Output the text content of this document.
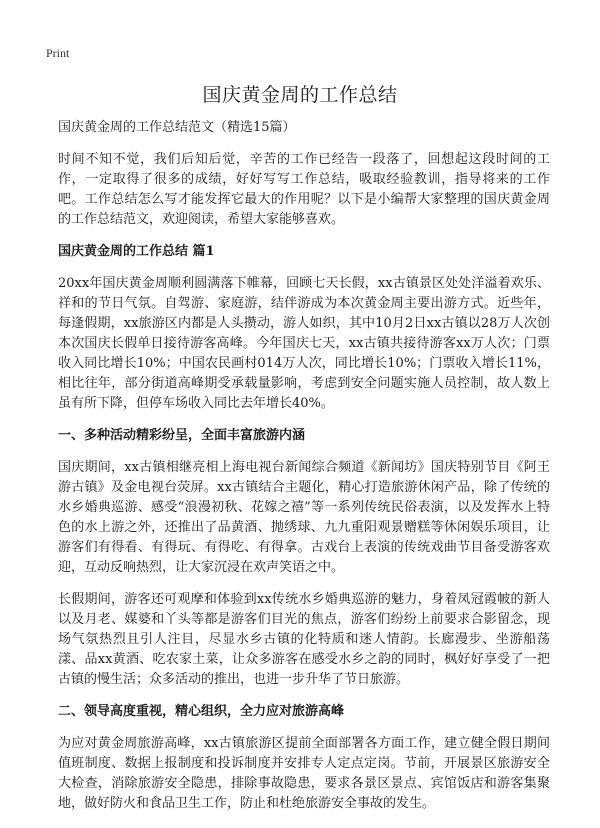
Print
国庆黄金周的工作总结
国庆黄金周的工作总结范文（精选15篇）

时间不知不觉，我们后知后觉，辛苦的工作已经告一段落了，回想起这段时间的工作，一定取得了很多的成绩，好好写写工作总结，吸取经验教训，指导将来的工作吧。工作总结怎么写才能发挥它最大的作用呢？以下是小编帮大家整理的国庆黄金周的工作总结范文，欢迎阅读，希望大家能够喜欢。

国庆黄金周的工作总结 篇1

20xx年国庆黄金周顺利圆满落下帷幕，回顾七天长假，xx古镇景区处处洋溢着欢乐、祥和的节日气氛。自驾游、家庭游，结伴游成为本次黄金周主要出游方式。近些年，每逢假期，xx旅游区内都是人头攒动，游人如织，其中10月2日xx古镇以28万人次创本次国庆长假单日接待游客高峰。今年国庆七天，xx古镇共接待游客xx万人次；门票收入同比增长10%；中国农民画村014万人次，同比增长10%；门票收入增长11%，相比往年，部分街道高峰期受承载量影响，考虑到安全问题实施人员控制，故人数上虽有所下降，但停车场收入同比去年增长40%。

一、多种活动精彩纷呈，全面丰富旅游内涵

国庆期间，xx古镇相继亮相上海电视台新闻综合频道《新闻坊》国庆特别节目《阿王游古镇》及金电视台荧屏。xx古镇结合主题化，精心打造旅游休闲产品，除了传统的水乡婚典巡游、感受“浪漫初秋、花嫁之禧”等一系列传统民俗表演，以及发挥水上特色的水上游之外，还推出了品黄酒、抛绣球、九九重阳观景赠糕等休闲娱乐项目，让游客们有得看、有得玩、有得吃、有得拿。古戏台上表演的传统戏曲节目备受游客欢迎，互动反响热烈，让大家沉浸在欢声笑语之中。

长假期间，游客还可观摩和体验到xx传统水乡婚典巡游的魅力，身着凤冠霞帔的新人以及月老、媒婆和丫头等都是游客们目光的焦点，游客们纷纷上前要求合影留念，现场气氛热烈且引人注目，尽显水乡古镇的化特质和迷人情韵。长廊漫步、坐游船荡漾、品xx黄酒、吃农家土菜，让众多游客在感受水乡之韵的同时，枫好好享受了一把古镇的慢生活；众多活动的推出，也进一步升华了节日旅游。

二、领导高度重视，精心组织，全力应对旅游高峰

为应对黄金周旅游高峰，xx古镇旅游区提前全面部署各方面工作，建立健全假日期间值班制度、数据上报制度和投诉制度并安排专人定点定岗。节前，开展景区旅游安全大检查，消除旅游安全隐患，排除事故隐患，要求各景区景点、宾馆饭店和游客集聚地，做好防火和食品卫生工作，防止和杜绝旅游安全事故的发生。
